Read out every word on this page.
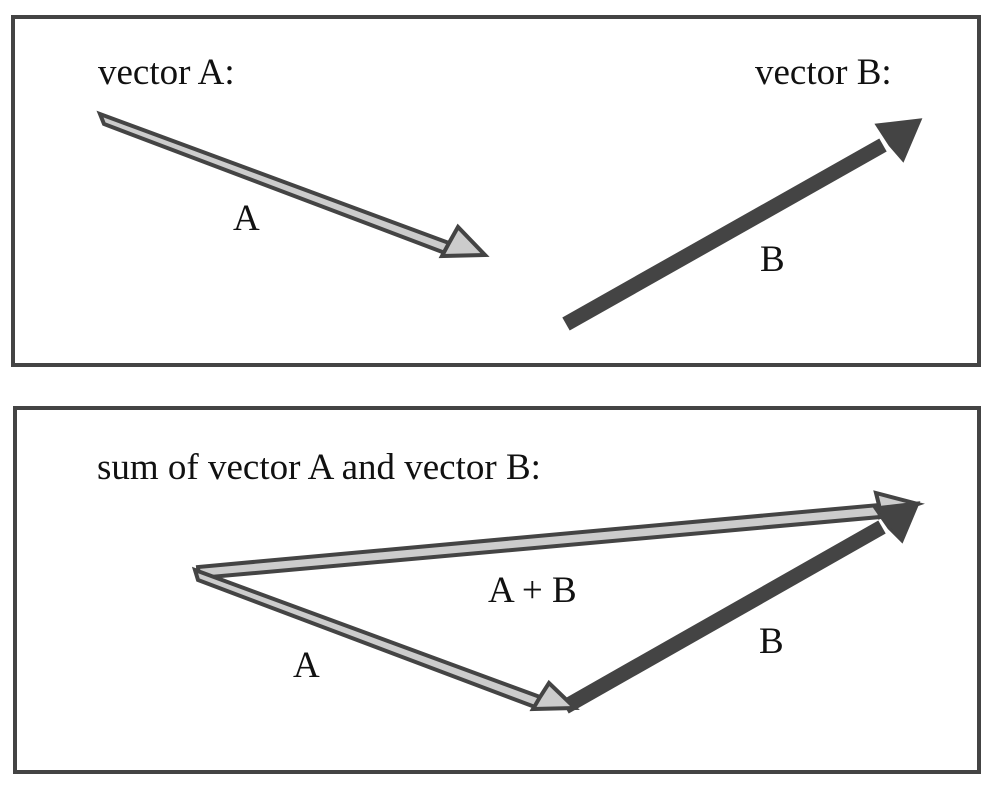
vector A:	vector B:
sum of vector A and vector B:
A
B
A + B
B
A
